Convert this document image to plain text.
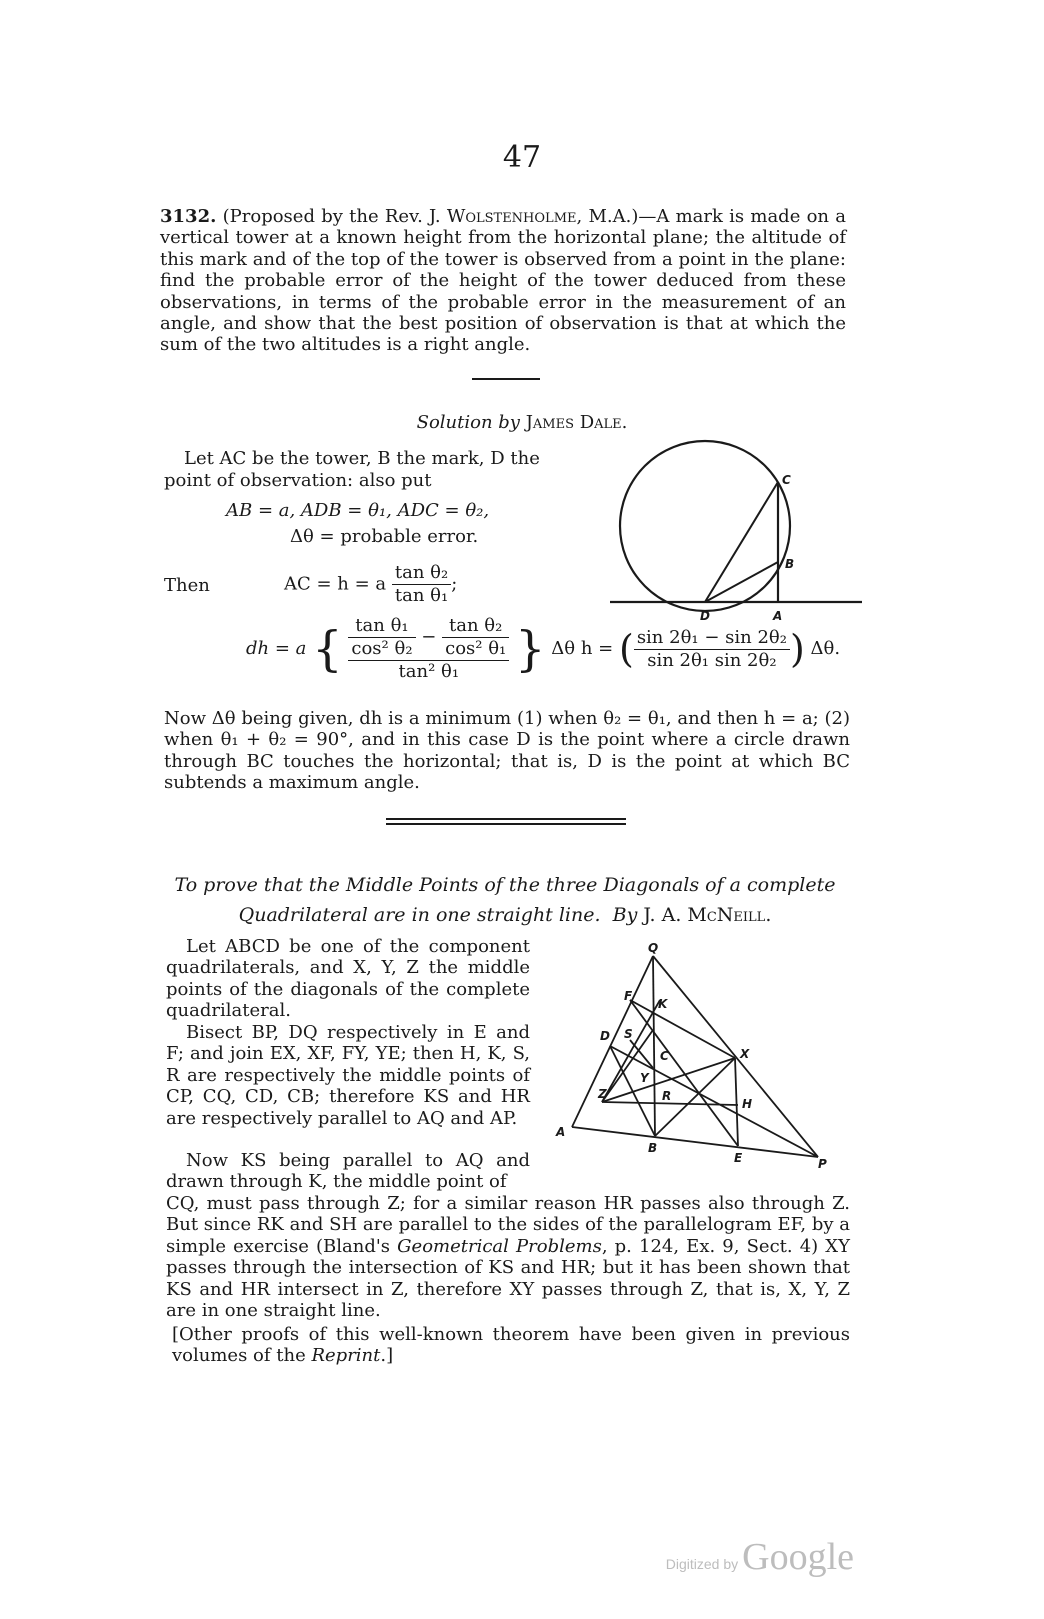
47
3132. (Proposed by the Rev. J. Wolstenholme, M.A.)—A mark is made on a vertical tower at a known height from the horizontal plane; the altitude of this mark and of the top of the tower is observed from a point in the plane: find the probable error of the height of the tower deduced from these observations, in terms of the probable error in the measurement of an angle, and show that the best position of observation is that at which the sum of the two altitudes is a right angle.
Solution by James Dale.
Let AC be the tower, B the mark, D the
point of observation: also put
AB = a, ADB = θ₁, ADC = θ₂,
Δθ = probable error.
Then	AC = h = a $\frac{\text{tan θ₂}}{\text{tan θ₁}}$ ;
dh = a { $\frac{\text{tan θ₁}}{\text{cos² θ₂}} - \frac{\text{tan θ₂}}{\text{cos² θ₁}}$
tan² θ₁	} Δθ h = ( $\frac{\text{sin 2θ₁ − sin 2θ₂}}{\text{sin 2θ₁ sin 2θ₂}}$ ) Δθ.
Now Δθ being given, dh is a minimum (1) when θ₂ = θ₁, and then h = a; (2) when θ₁ + θ₂ = 90°, and in this case D is the point where a circle drawn through BC touches the horizontal; that is, D is the point at which BC subtends a maximum angle.
C
B
D	A
To prove that the Middle Points of the three Diagonals of a complete
Quadrilateral are in one straight line. By J. A. McNeill.
Let ABCD be one of the component quadrilaterals, and X, Y, Z the middle points of the diagonals of the complete quadrilateral.
Bisect BP, DQ respectively in E and F; and join EX, XF, FY, YE; then H, K, S, R are respectively the middle points of CP, CQ, CD, CB; therefore KS and HR are respectively parallel to AQ and AP.
Now KS being parallel to AQ and drawn through K, the middle point of
CQ, must pass through Z; for a similar reason HR passes also through Z. But since RK and SH are parallel to the sides of the parallelogram EF, by a simple exercise (Bland's Geometrical Problems, p. 124, Ex. 9, Sect. 4) XY passes through the intersection of KS and HR; but it has been shown that KS and HR intersect in Z, therefore XY passes through Z, that is, X, Y, Z are in one straight line.
[Other proofs of this well-known theorem have been given in previous volumes of the Reprint.]
Q
F
K
D S
C	X
Y
Z	R
H
A
B
E	P
Digitized by Google
